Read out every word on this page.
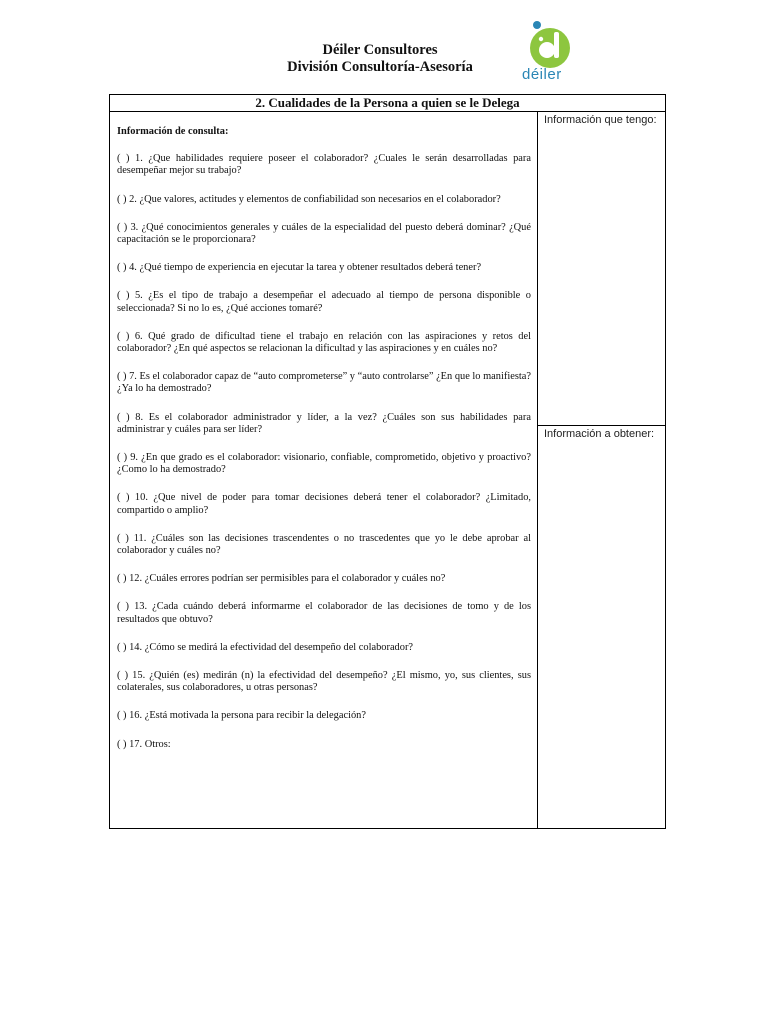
Déiler Consultores
División Consultoría-Asesoría	déiler
2. Cualidades de la Persona a quien se le Delega
Información de consulta:
( ) 1. ¿Que habilidades requiere poseer el colaborador? ¿Cuales le serán desarrolladas para desempeñar mejor su trabajo?
( ) 2. ¿Que valores, actitudes y elementos de confiabilidad son necesarios en el colaborador?
( ) 3. ¿Qué conocimientos generales y cuáles de la especialidad del puesto deberá dominar? ¿Qué capacitación se le proporcionara?
( ) 4. ¿Qué tiempo de experiencia en ejecutar la tarea y obtener resultados deberá tener?
( ) 5. ¿Es el tipo de trabajo a desempeñar el adecuado al tiempo de persona disponible o seleccionada? Si no lo es, ¿Qué acciones tomaré?
( ) 6. Qué grado de dificultad tiene el trabajo en relación con las aspiraciones y retos del colaborador? ¿En qué aspectos se relacionan la dificultad y las aspiraciones y en cuáles no?
( ) 7. Es el colaborador capaz de “auto comprometerse” y “auto controlarse” ¿En que lo manifiesta? ¿Ya lo ha demostrado?
( ) 8. Es el colaborador administrador y líder, a la vez? ¿Cuáles son sus habilidades para administrar y cuáles para ser líder?
( ) 9. ¿En que grado es el colaborador: visionario, confiable, comprometido, objetivo y proactivo? ¿Como lo ha demostrado?
( ) 10. ¿Que nivel de poder para tomar decisiones deberá tener el colaborador? ¿Limitado, compartido o amplio?
( ) 11. ¿Cuáles son las decisiones trascendentes o no trascedentes que yo le debe aprobar al colaborador y cuáles no?
( ) 12. ¿Cuáles errores podrían ser permisibles para el colaborador y cuáles no?
( ) 13. ¿Cada cuándo deberá informarme el colaborador de las decisiones de tomo y de los resultados que obtuvo?
( ) 14. ¿Cómo se medirá la efectividad del desempeño del colaborador?
( ) 15. ¿Quién (es) medirán (n) la efectividad del desempeño? ¿El mismo, yo, sus clientes, sus colaterales, sus colaboradores, u otras personas?
( ) 16. ¿Está motivada la persona para recibir la delegación?
( ) 17. Otros:
Información que tengo:
Información a obtener:
